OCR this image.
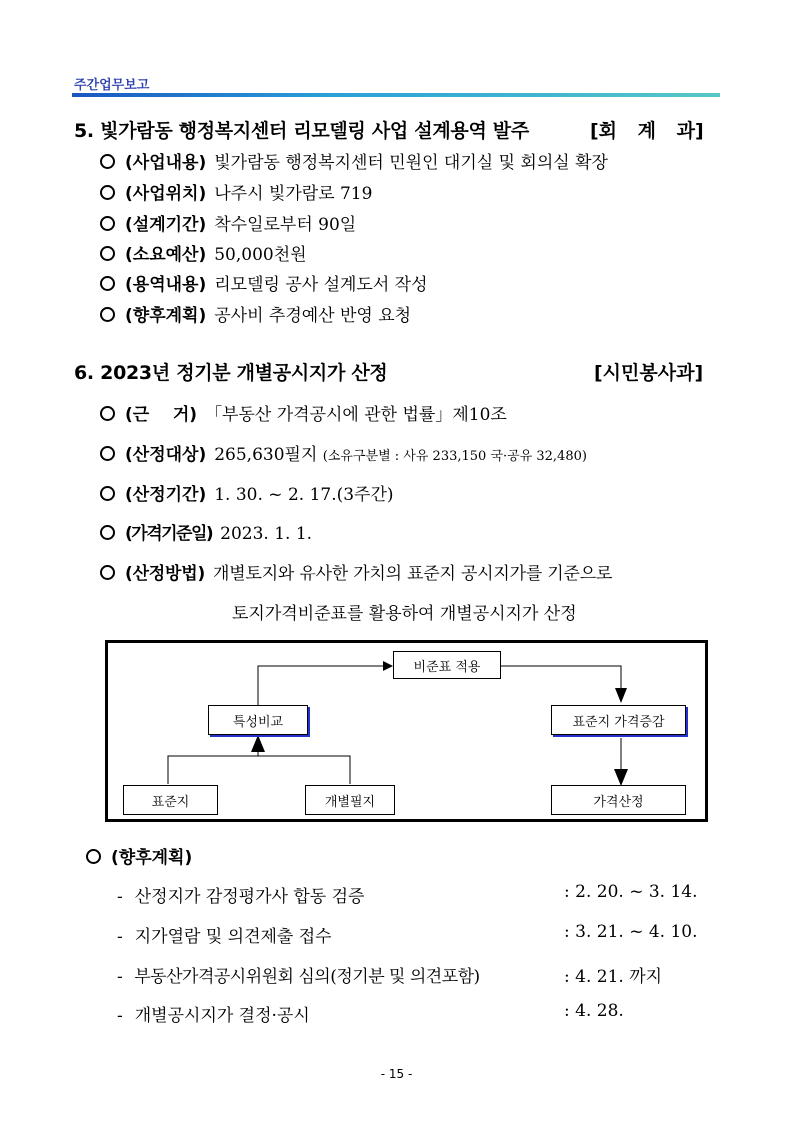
주간업무보고
5. 빛가람동 행정복지센터 리모델링 사업 설계용역 발주	[회 계 과]
(사업내용) 빛가람동 행정복지센터 민원인 대기실 및 회의실 확장
(사업위치) 나주시 빛가람로 719
(설계기간) 착수일로부터 90일
(소요예산) 50,000천원
(용역내용) 리모델링 공사 설계도서 작성
(향후계획) 공사비 추경예산 반영 요청
6. 2023년 정기분 개별공시지가 산정	[시민봉사과]
(근    거) 「부동산 가격공시에 관한 법률」제10조
(산정대상) 265,630필지 (소유구분별 : 사유 233,150 국·공유 32,480)
(산정기간) 1. 30. ~ 2. 17.(3주간)
(가격기준일) 2023. 1. 1.
(산정방법) 개별토지와 유사한 가치의 표준지 공시지가를 기준으로
토지가격비준표를 활용하여 개별공시지가 산정
비준표 적용
특성비교	표준지 가격증감
표준지	개별필지	가격산정
(향후계획)
- 산정지가 감정평가사 합동 검증	: 2. 20. ~ 3. 14.
- 지가열람 및 의견제출 접수	: 3. 21. ~ 4. 10.
- 부동산가격공시위원회 심의(정기분 및 의견포함)	: 4. 21. 까지
- 개별공시지가 결정·공시	: 4. 28.
- 15 -
